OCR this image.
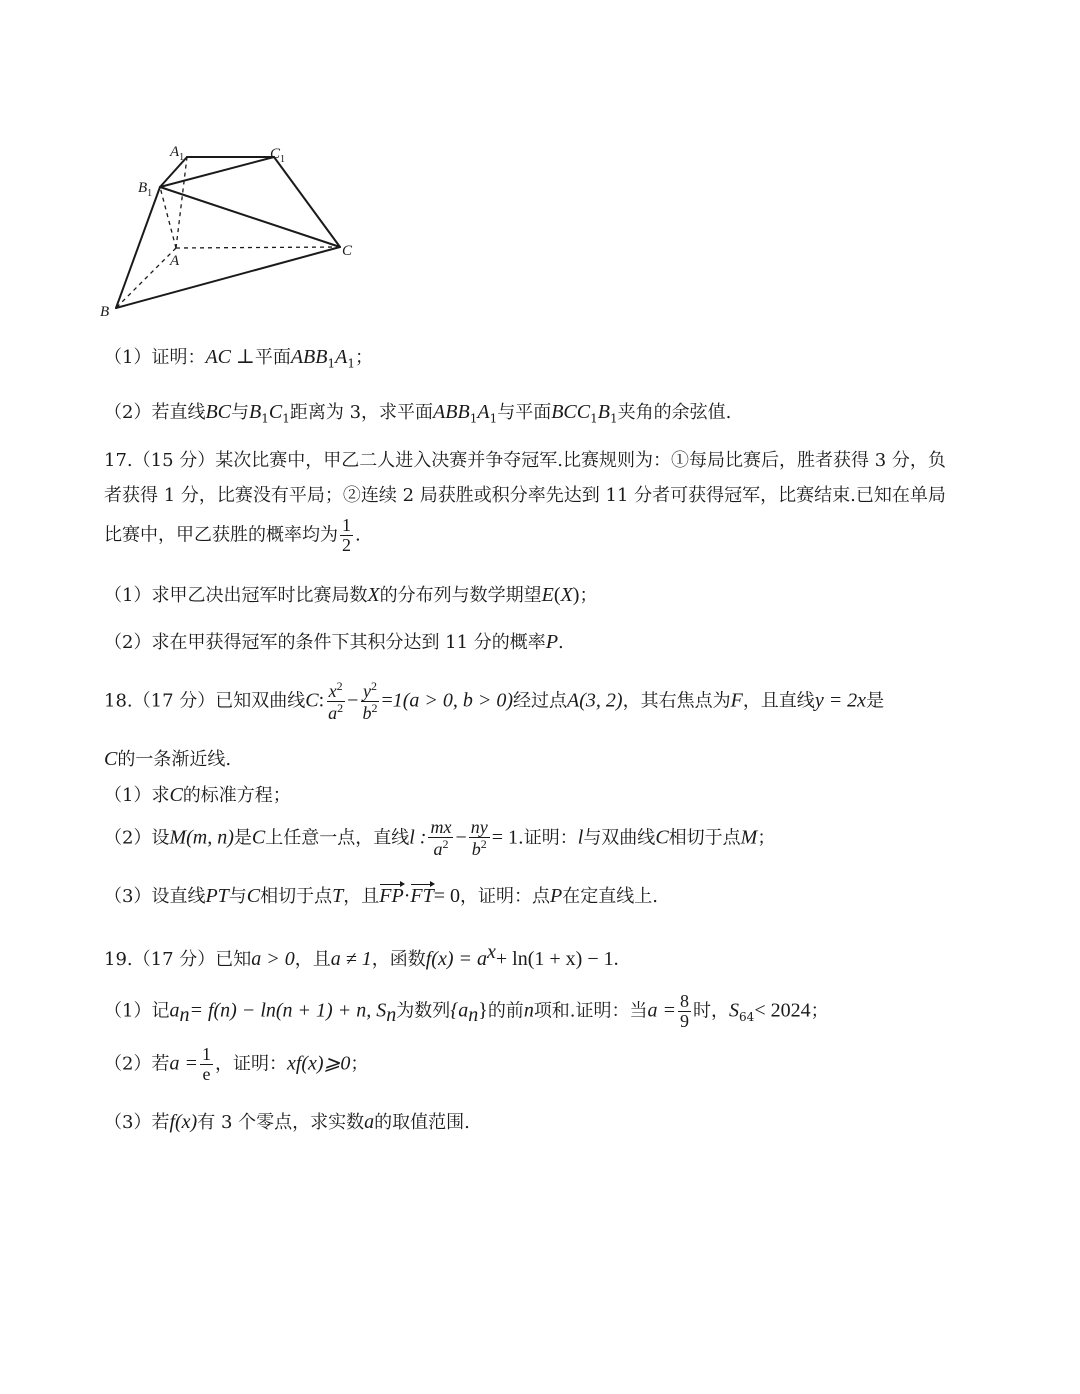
$A_1$	$C_1$
$B_1$
A
B
C
（1）证明：AC ⊥平面$ABB_1A_1$；
（2）若直线BC与$B_1C_1$距离为 3，求平面$ABB_1A_1$与平面$BCC_1B_1$夹角的余弦值.
17.（15 分）某次比赛中，甲乙二人进入决赛并争夺冠军.比赛规则为：①每局比赛后，胜者获得 3 分，负
者获得 1 分，比赛没有平局；②连续 2 局获胜或积分率先达到 11 分者可获得冠军，比赛结束.已知在单局
比赛中，甲乙获胜的概率均为 $\frac{1}{2}$ .
（1）求甲乙决出冠军时比赛局数X的分布列与数学期望E(X)；
（2）求在甲获得冠军的条件下其积分达到 11 分的概率P.
18.（17 分）已知双曲线C: $\frac{x^2}{a^2} - \frac{y^2}{b^2} =1(a > 0$, b > 0)经过点A(3, 2)，其右焦点为F，且直线y = 2x是
C的一条渐近线.
（1）求C的标准方程；
（2）设M(m, n)是C上任意一点，直线l : $\frac{mx}{a^2} - \frac{ny}{b^2} = 1$.证明：l与双曲线C相切于点M；
（3）设直线PT与C相切于点T，且FP·FT= 0，证明：点P在定直线上.
19.（17 分）已知a > 0，且a ≠ 1，函数$f(x) = a^x+ \ln(1 + x) - 1$.
（1）记$a_n= f(n) - \ln(n + 1) + n$, $S_n$为数列$\{a_n\}$的前n项和.证明：当$a = \frac{8}{9}$ 时，$S_{64}< 2024$；
（2）若$a = \frac{1}{e}$ ，证明：xf(x)⩾0；
（3）若f(x)有 3 个零点，求实数a的取值范围.
